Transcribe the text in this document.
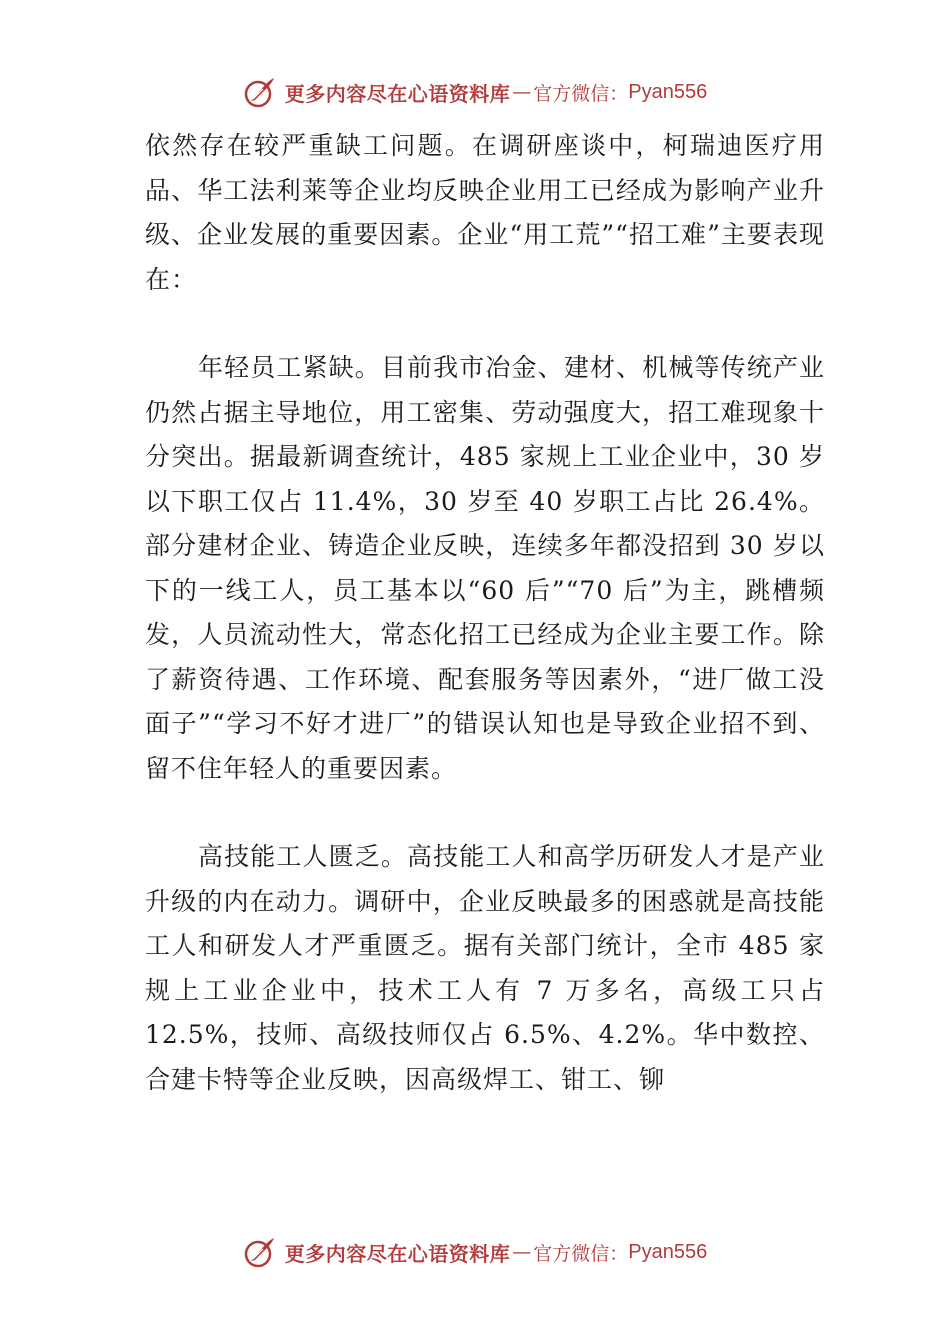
更多内容尽在心语资料库 — 官方微信： Pyan556

依然存在较严重缺工问题。在调研座谈中，柯瑞迪医疗用品、华工法利莱等企业均反映企业用工已经成为影响产业升级、企业发展的重要因素。企业“用工荒”“招工难”主要表现在：

年轻员工紧缺。目前我市冶金、建材、机械等传统产业仍然占据主导地位，用工密集、劳动强度大，招工难现象十分突出。据最新调查统计，485 家规上工业企业中，30 岁以下职工仅占 11.4%，30 岁至 40 岁职工占比 26.4%。部分建材企业、铸造企业反映，连续多年都没招到 30 岁以下的一线工人，员工基本以“60 后”“70 后”为主，跳槽频发，人员流动性大，常态化招工已经成为企业主要工作。除了薪资待遇、工作环境、配套服务等因素外，“进厂做工没面子”“学习不好才进厂”的错误认知也是导致企业招不到、留不住年轻人的重要因素。

高技能工人匮乏。高技能工人和高学历研发人才是产业升级的内在动力。调研中，企业反映最多的困惑就是高技能工人和研发人才严重匮乏。据有关部门统计，全市 485 家规上工业企业中，技术工人有 7 万多名，高级工只占 12.5%，技师、高级技师仅占 6.5%、4.2%。华中数控、合建卡特等企业反映，因高级焊工、钳工、铆

更多内容尽在心语资料库 — 官方微信： Pyan556
